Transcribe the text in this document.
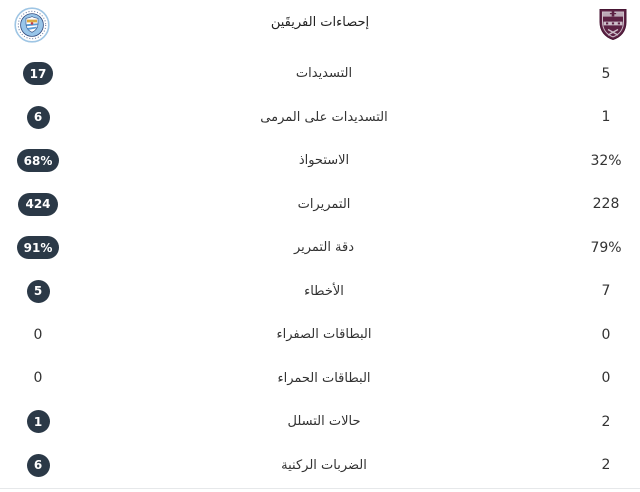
إحصاءات الفريقَين
17	التسديدات	5
6	التسديدات على المرمى	1
68%	الاستحواذ	32%
424	التمريرات	228
91%	دقة التمرير	79%
5	الأخطاء	7
0	البطاقات الصفراء	0
0	البطاقات الحمراء	0
1	حالات التسلل	2
6	الضربات الركنية	2
